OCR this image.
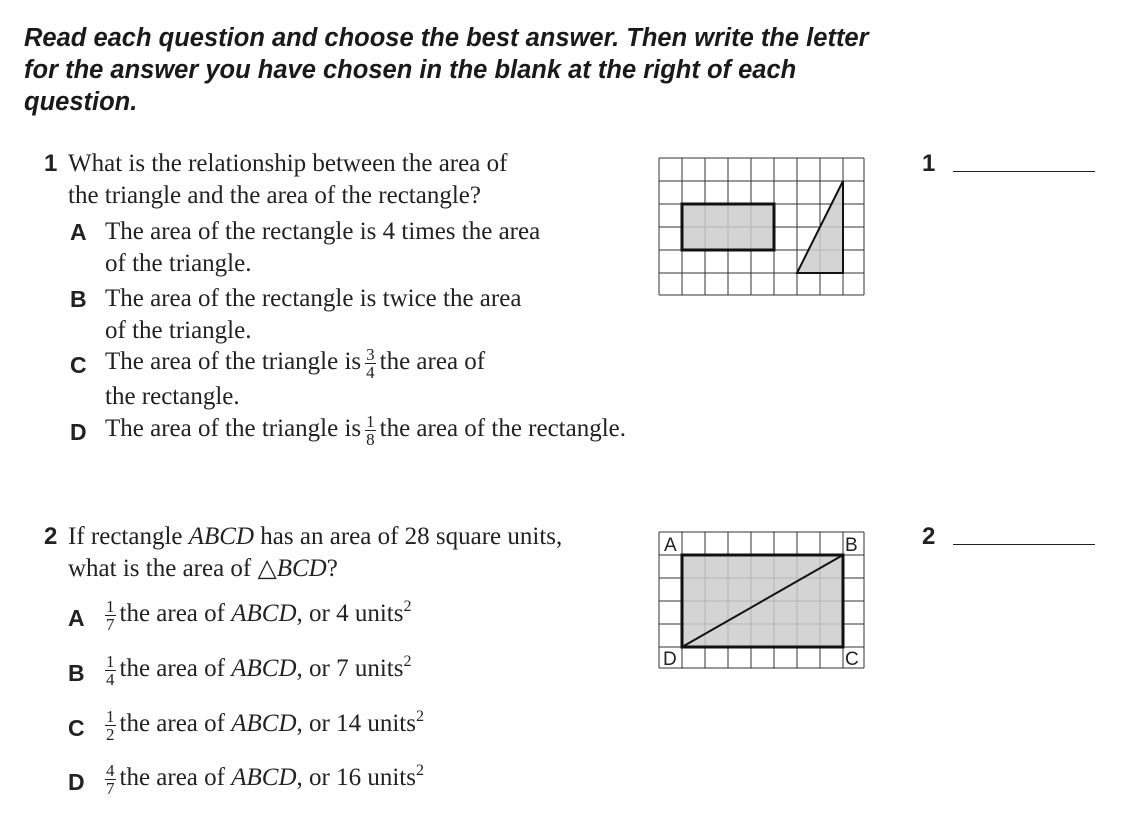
Read each question and choose the best answer. Then write the letter for the answer you have chosen in the blank at the right of each question.
1 What is the relationship between the area of
the triangle and the area of the rectangle?
A The area of the rectangle is 4 times the area
of the triangle.
B The area of the rectangle is twice the area
of the triangle.
C The area of the triangle is $\frac{3}{4}$ the area of
the rectangle.
D The area of the triangle is $\frac{1}{8}$ the area of the rectangle.
1
2 If rectangle ABCD has an area of 28 square units,
what is the area of △BCD?
A $\frac{1}{7}$ the area of ABCD, or 4 units$^2$
B $\frac{1}{4}$ the area of ABCD, or 7 units$^2$
C $\frac{1}{2}$ the area of ABCD, or 14 units$^2$
D $\frac{4}{7}$ the area of ABCD, or 16 units$^2$
A	B
C
D
2
